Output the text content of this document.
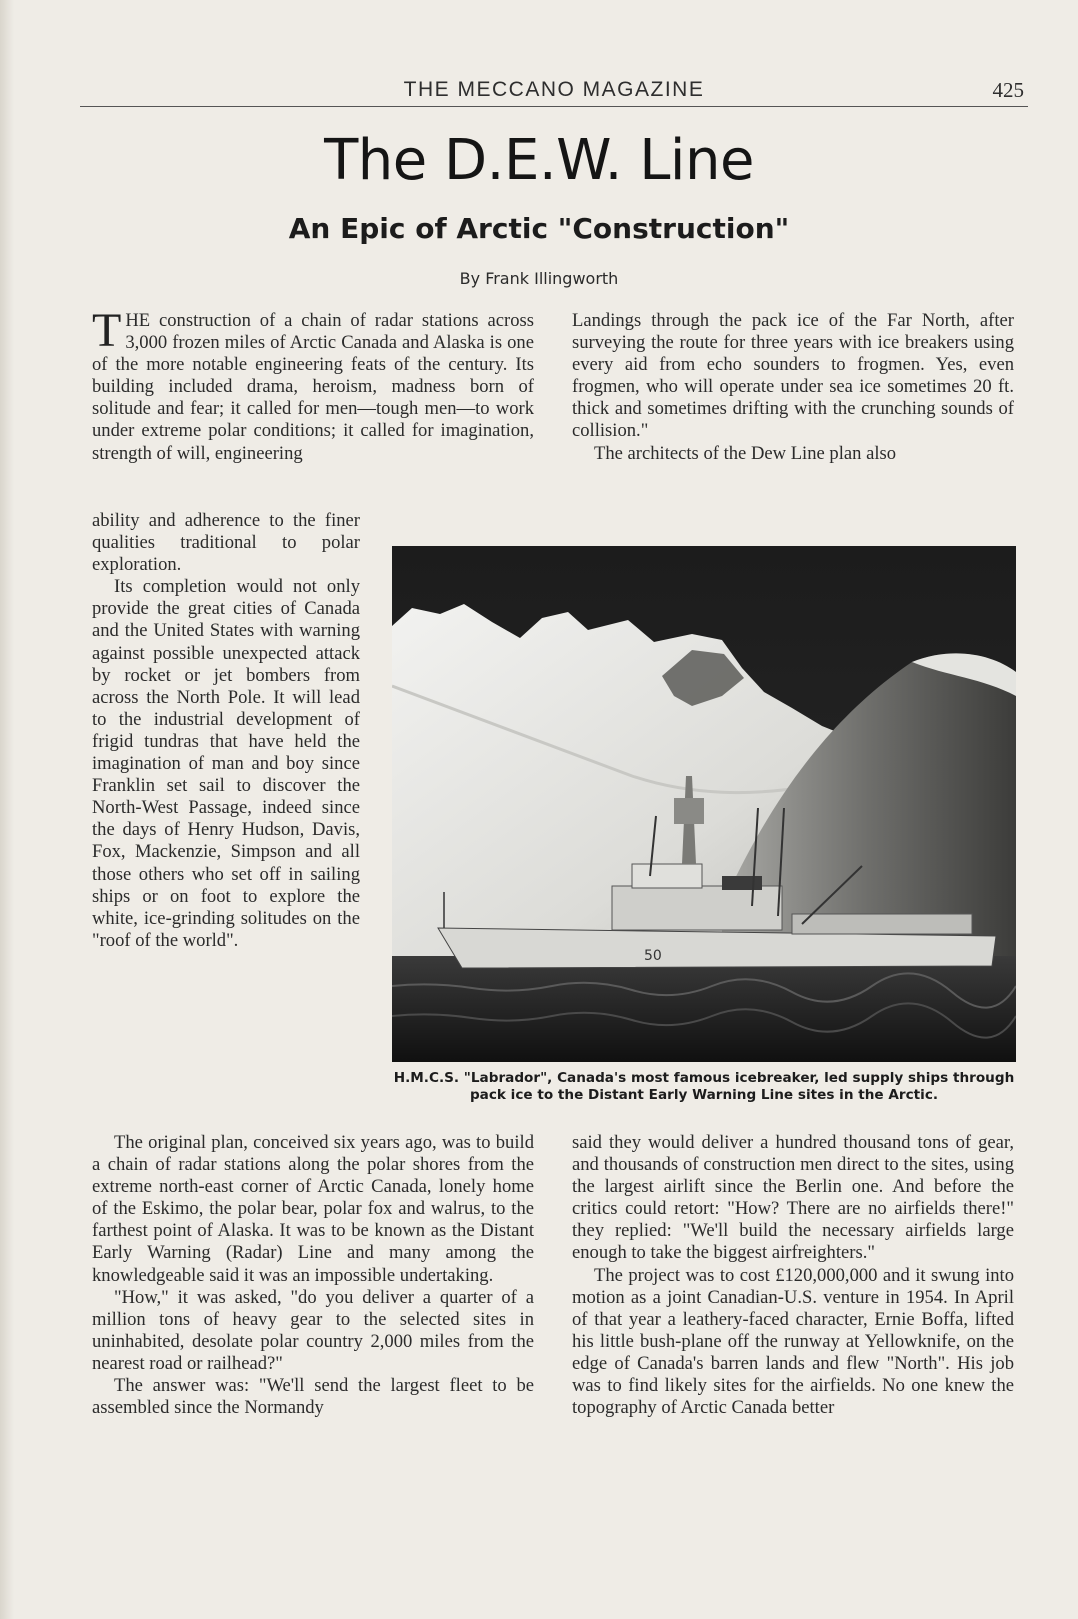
THE MECCANO MAGAZINE	425
The D.E.W. Line
An Epic of Arctic "Construction"
By Frank Illingworth

THE construction of a chain of radar stations across 3,000 frozen miles of Arctic Canada and Alaska is one of the more notable engineering feats of the century. Its building included drama, heroism, madness born of solitude and fear; it called for men—tough men—to work under extreme polar conditions; it called for imagination, strength of will, engineering

ability and adherence to the finer qualities traditional to polar exploration.

Its completion would not only provide the great cities of Canada and the United States with warning against possible unexpected attack by rocket or jet bombers from across the North Pole. It will lead to the industrial development of frigid tundras that have held the imagination of man and boy since Franklin set sail to discover the North-West Passage, indeed since the days of Henry Hudson, Davis, Fox, Mackenzie, Simpson and all those others who set off in sailing ships or on foot to explore the white, ice-grinding solitudes on the "roof of the world".

The original plan, conceived six years ago, was to build a chain of radar stations along the polar shores from the extreme north-east corner of Arctic Canada, lonely home of the Eskimo, the polar bear, polar fox and walrus, to the farthest point of Alaska. It was to be known as the Distant Early Warning (Radar) Line and many among the knowledgeable said it was an impossible undertaking.

"How," it was asked, "do you deliver a quarter of a million tons of heavy gear to the selected sites in uninhabited, desolate polar country 2,000 miles from the nearest road or railhead?"

The answer was: "We'll send the largest fleet to be assembled since the Normandy

Landings through the pack ice of the Far North, after surveying the route for three years with ice breakers using every aid from echo sounders to frogmen. Yes, even frogmen, who will operate under sea ice sometimes 20 ft. thick and sometimes drifting with the crunching sounds of collision."

The architects of the Dew Line plan also

50
H.M.C.S. "Labrador", Canada's most famous icebreaker, led supply ships through pack ice to the Distant Early Warning Line sites in the Arctic.

said they would deliver a hundred thousand tons of gear, and thousands of construction men direct to the sites, using the largest airlift since the Berlin one. And before the critics could retort: "How? There are no airfields there!" they replied: "We'll build the necessary airfields large enough to take the biggest airfreighters."

The project was to cost £120,000,000 and it swung into motion as a joint Canadian-U.S. venture in 1954. In April of that year a leathery-faced character, Ernie Boffa, lifted his little bush-plane off the runway at Yellowknife, on the edge of Canada's barren lands and flew "North". His job was to find likely sites for the airfields. No one knew the topography of Arctic Canada better
